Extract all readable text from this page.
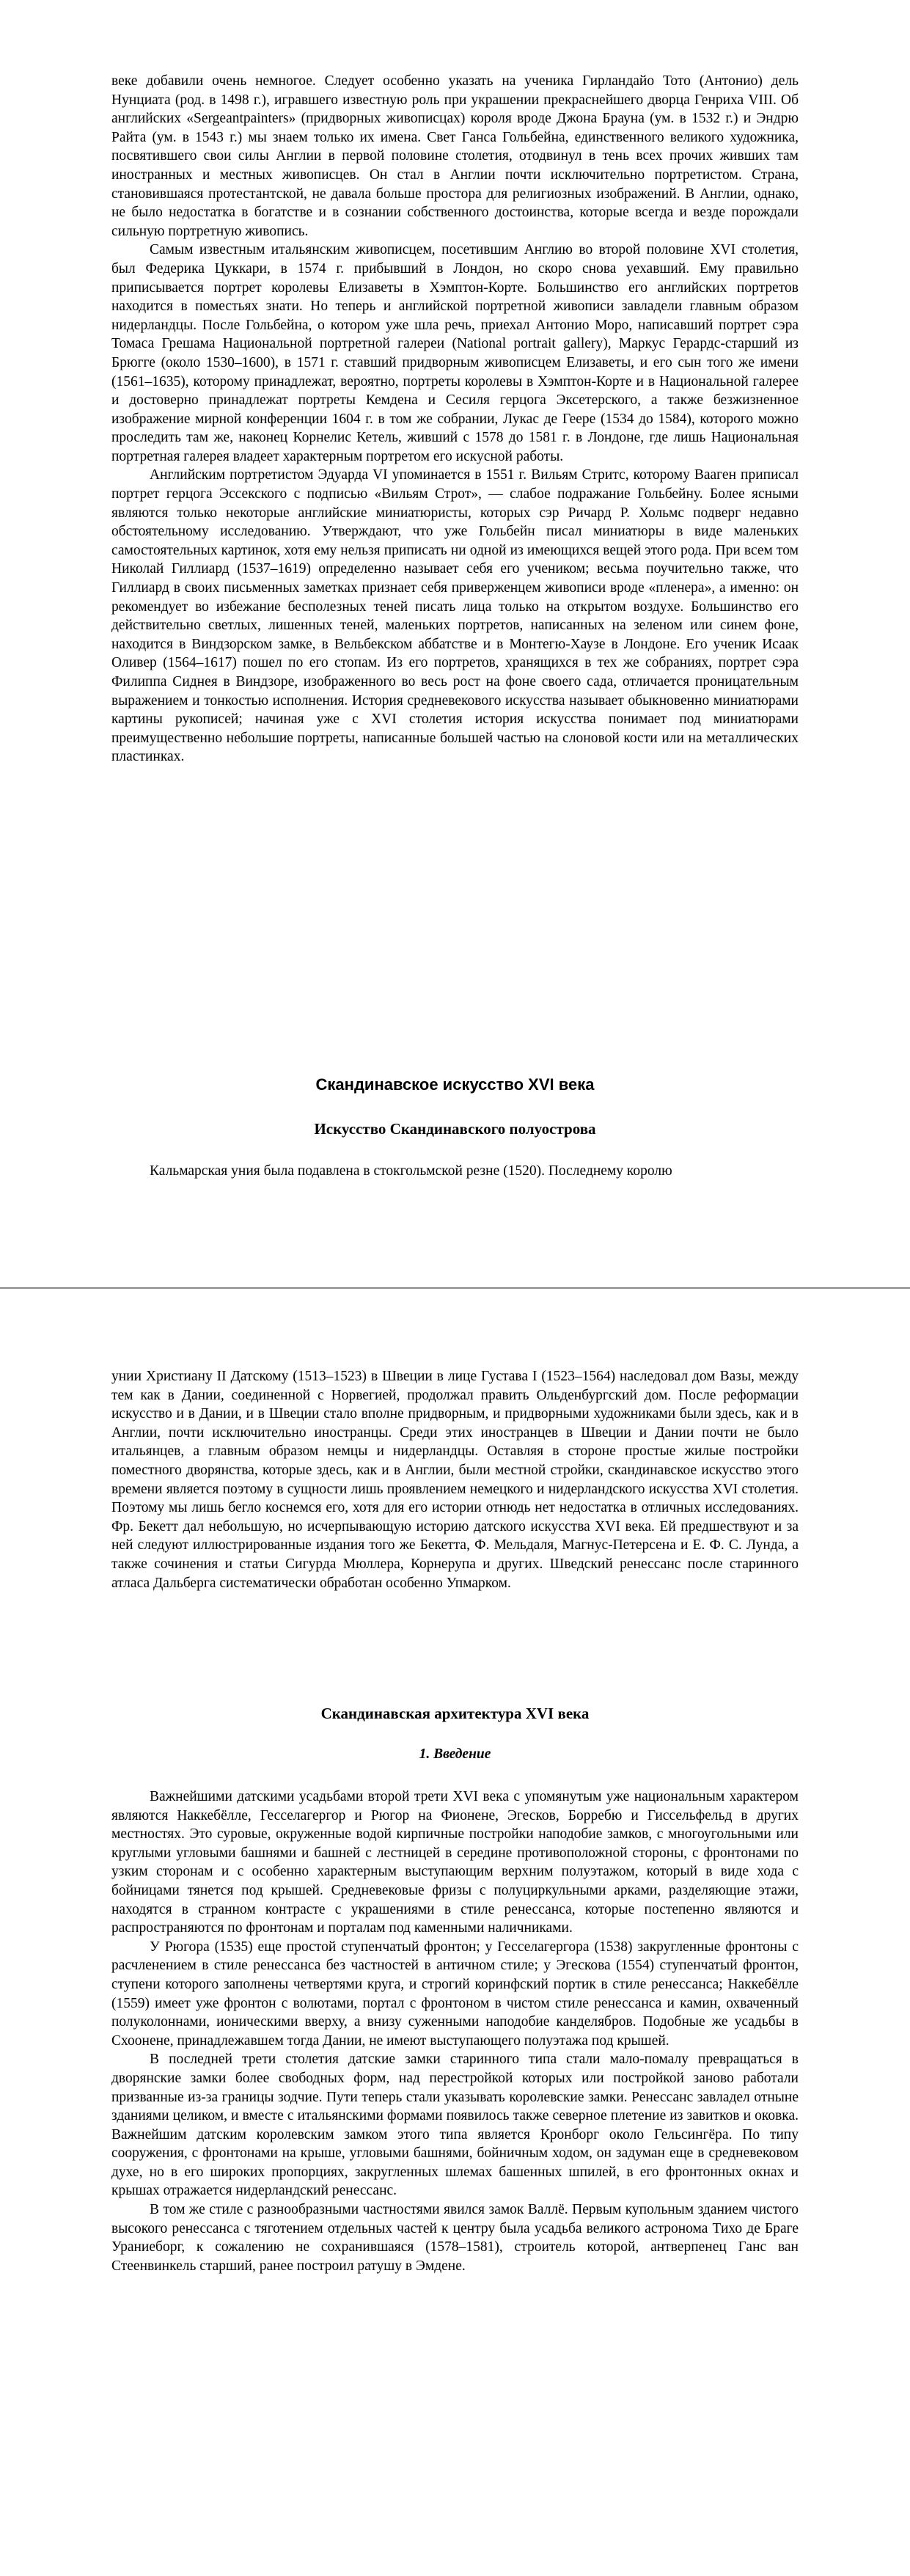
веке добавили очень немногое. Следует особенно указать на ученика Гирландайо Тото (Антонио) дель Нунциата (род. в 1498 г.), игравшего известную роль при украшении прекраснейшего дворца Генриха VIII. Об английских «Sergeantpainters» (придворных живописцах) короля вроде Джона Брауна (ум. в 1532 г.) и Эндрю Райта (ум. в 1543 г.) мы знаем только их имена. Свет Ганса Гольбейна, единственного великого художника, посвятившего свои силы Англии в первой половине столетия, отодвинул в тень всех прочих живших там иностранных и местных живописцев. Он стал в Англии почти исключительно портретистом. Страна, становившаяся протестантской, не давала больше простора для религиозных изображений. В Англии, однако, не было недостатка в богатстве и в сознании собственного достоинства, которые всегда и везде порождали сильную портретную живопись.

Самым известным итальянским живописцем, посетившим Англию во второй половине XVI столетия, был Федерика Цуккари, в 1574 г. прибывший в Лондон, но скоро снова уехавший. Ему правильно приписывается портрет королевы Елизаветы в Хэмптон-Корте. Большинство его английских портретов находится в поместьях знати. Но теперь и английской портретной живописи завладели главным образом нидерландцы. После Гольбейна, о котором уже шла речь, приехал Антонио Моро, написавший портрет сэра Томаса Грешама Национальной портретной галереи (National portrait gallery), Маркус Герардс-старший из Брюгге (около 1530–1600), в 1571 г. ставший придворным живописцем Елизаветы, и его сын того же имени (1561–1635), которому принадлежат, вероятно, портреты королевы в Хэмптон-Корте и в Национальной галерее и достоверно принадлежат портреты Кемдена и Сесиля герцога Эксетерского, а также безжизненное изображение мирной конференции 1604 г. в том же собрании, Лукас де Геере (1534 до 1584), которого можно проследить там же, наконец Корнелис Кетель, живший с 1578 до 1581 г. в Лондоне, где лишь Национальная портретная галерея владеет характерным портретом его искусной работы.

Английским портретистом Эдуарда VI упоминается в 1551 г. Вильям Стритс, которому Вааген приписал портрет герцога Эссекского с подписью «Вильям Строт», — слабое подражание Гольбейну. Более ясными являются только некоторые английские миниатюристы, которых сэр Ричард Р. Хольмс подверг недавно обстоятельному исследованию. Утверждают, что уже Гольбейн писал миниатюры в виде маленьких самостоятельных картинок, хотя ему нельзя приписать ни одной из имеющихся вещей этого рода. При всем том Николай Гиллиард (1537–1619) определенно называет себя его учеником; весьма поучительно также, что Гиллиард в своих письменных заметках признает себя приверженцем живописи вроде «пленера», а именно: он рекомендует во избежание бесполезных теней писать лица только на открытом воздухе. Большинство его действительно светлых, лишенных теней, маленьких портретов, написанных на зеленом или синем фоне, находится в Виндзорском замке, в Вельбекском аббатстве и в Монтегю-Хаузе в Лондоне. Его ученик Исаак Оливер (1564–1617) пошел по его стопам. Из его портретов, хранящихся в тех же собраниях, портрет сэра Филиппа Сиднея в Виндзоре, изображенного во весь рост на фоне своего сада, отличается проницательным выражением и тонкостью исполнения. История средневекового искусства называет обыкновенно миниатюрами картины рукописей; начиная уже с XVI столетия история искусства понимает под миниатюрами преимущественно небольшие портреты, написанные большей частью на слоновой кости или на металлических пластинках.

Скандинавское искусство XVI века
Искусство Скандинавского полуострова

Кальмарская уния была подавлена в стокгольмской резне (1520). Последнему королю

унии Христиану II Датскому (1513–1523) в Швеции в лице Густава I (1523–1564) наследовал дом Вазы, между тем как в Дании, соединенной с Норвегией, продолжал править Ольденбургский дом. После реформации искусство и в Дании, и в Швеции стало вполне придворным, и придворными художниками были здесь, как и в Англии, почти исключительно иностранцы. Среди этих иностранцев в Швеции и Дании почти не было итальянцев, а главным образом немцы и нидерландцы. Оставляя в стороне простые жилые постройки поместного дворянства, которые здесь, как и в Англии, были местной стройки, скандинавское искусство этого времени является поэтому в сущности лишь проявлением немецкого и нидерландского искусства XVI столетия. Поэтому мы лишь бегло коснемся его, хотя для его истории отнюдь нет недостатка в отличных исследованиях. Фр. Бекетт дал небольшую, но исчерпывающую историю датского искусства XVI века. Ей предшествуют и за ней следуют иллюстрированные издания того же Бекетта, Ф. Мельдаля, Магнус-Петерсена и Е. Ф. С. Лунда, а также сочинения и статьи Сигурда Мюллера, Корнерупа и других. Шведский ренессанс после старинного атласа Дальберга систематически обработан особенно Упмарком.

Скандинавская архитектура XVI века
1. Введение

Важнейшими датскими усадьбами второй трети XVI века с упомянутым уже национальным характером являются Наккебёлле, Гесселагергор и Рюгор на Фионене, Эгесков, Борребю и Гиссельфельд в других местностях. Это суровые, окруженные водой кирпичные постройки наподобие замков, с многоугольными или круглыми угловыми башнями и башней с лестницей в середине противоположной стороны, с фронтонами по узким сторонам и с особенно характерным выступающим верхним полуэтажом, который в виде хода с бойницами тянется под крышей. Средневековые фризы с полуциркульными арками, разделяющие этажи, находятся в странном контрасте с украшениями в стиле ренессанса, которые постепенно являются и распространяются по фронтонам и порталам под каменными наличниками.

У Рюгора (1535) еще простой ступенчатый фронтон; у Гесселагергора (1538) закругленные фронтоны с расчленением в стиле ренессанса без частностей в античном стиле; у Эгескова (1554) ступенчатый фронтон, ступени которого заполнены четвертями круга, и строгий коринфский портик в стиле ренессанса; Наккебёлле (1559) имеет уже фронтон с волютами, портал с фронтоном в чистом стиле ренессанса и камин, охваченный полуколоннами, ионическими вверху, а внизу суженными наподобие канделябров. Подобные же усадьбы в Схоонене, принадлежавшем тогда Дании, не имеют выступающего полуэтажа под крышей.

В последней трети столетия датские замки старинного типа стали мало-помалу превращаться в дворянские замки более свободных форм, над перестройкой которых или постройкой заново работали призванные из-за границы зодчие. Пути теперь стали указывать королевские замки. Ренессанс завладел отныне зданиями целиком, и вместе с итальянскими формами появилось также северное плетение из завитков и оковка. Важнейшим датским королевским замком этого типа является Кронборг около Гельсингёра. По типу сооружения, с фронтонами на крыше, угловыми башнями, бойничным ходом, он задуман еще в средневековом духе, но в его широких пропорциях, закругленных шлемах башенных шпилей, в его фронтонных окнах и крышах отражается нидерландский ренессанс.

В том же стиле с разнообразными частностями явился замок Валлё. Первым купольным зданием чистого высокого ренессанса с тяготением отдельных частей к центру была усадьба великого астронома Тихо де Браге Ураниеборг, к сожалению не сохранившаяся (1578–1581), строитель которой, антверпенец Ганс ван Стеенвинкель старший, ранее построил ратушу в Эмдене.
